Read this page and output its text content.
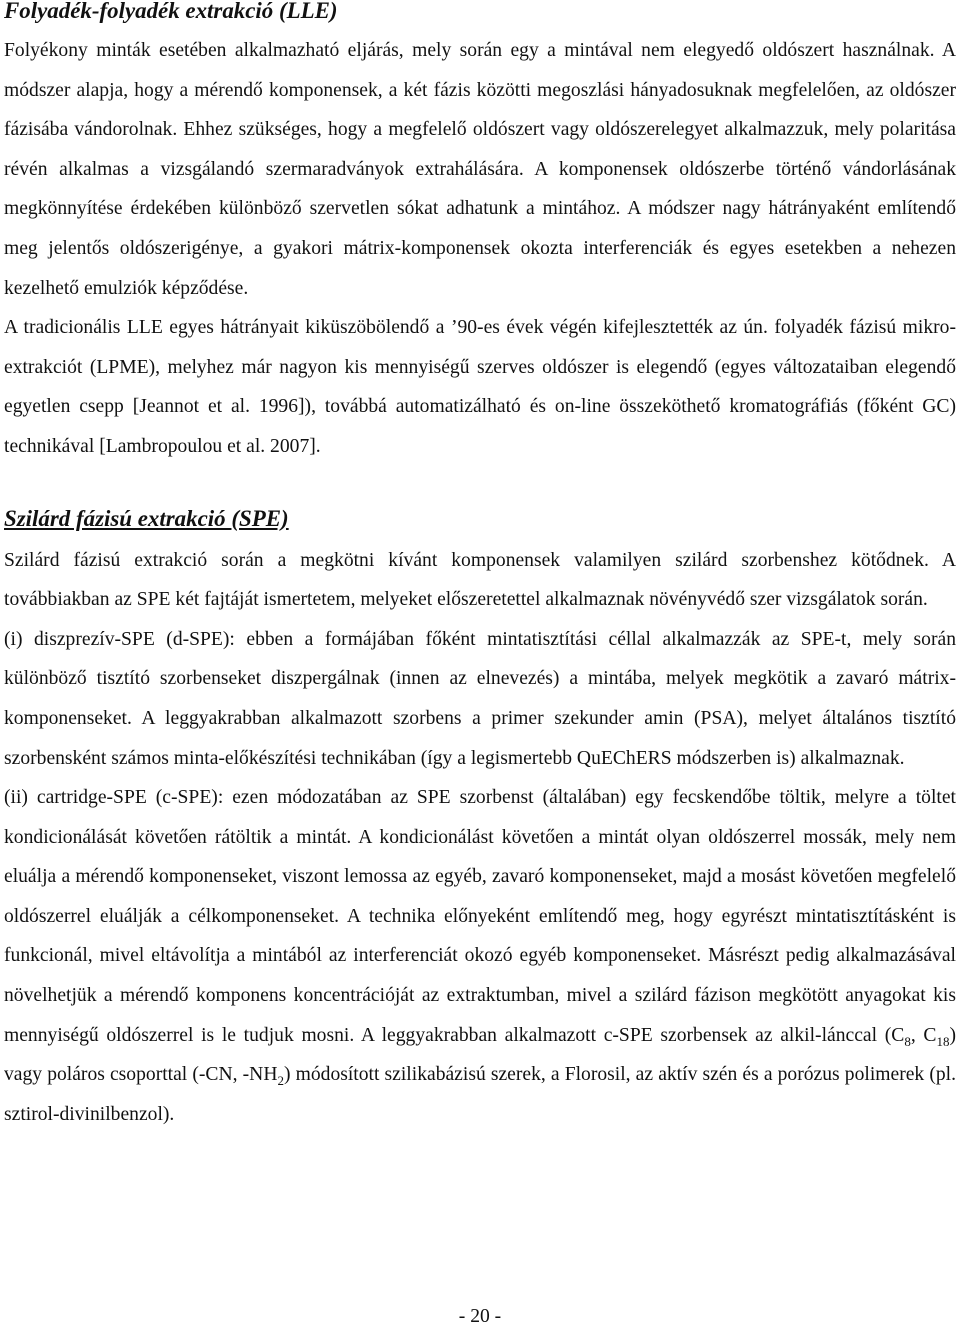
Folyadék-folyadék extrakció (LLE)

Folyékony minták esetében alkalmazható eljárás, mely során egy a mintával nem elegyedő oldószert használnak. A módszer alapja, hogy a mérendő komponensek, a két fázis közötti megoszlási hányadosuknak megfelelően, az oldószer fázisába vándorolnak. Ehhez szükséges, hogy a megfelelő oldószert vagy oldószerelegyet alkalmazzuk, mely polaritása révén alkalmas a vizsgálandó szermaradványok extrahálására. A komponensek oldószerbe történő vándorlásának megkönnyítése érdekében különböző szervetlen sókat adhatunk a mintához. A módszer nagy hátrányaként említendő meg jelentős oldószerigénye, a gyakori mátrix-komponensek okozta interferenciák és egyes esetekben a nehezen kezelhető emulziók képződése.

A tradicionális LLE egyes hátrányait kiküszöbölendő a ’90-es évek végén kifejlesztették az ún. folyadék fázisú mikro-extrakciót (LPME), melyhez már nagyon kis mennyiségű szerves oldószer is elegendő (egyes változataiban elegendő egyetlen csepp [Jeannot et al. 1996]), továbbá automatizálható és on-line összeköthető kromatográfiás (főként GC) technikával [Lambropoulou et al. 2007].

Szilárd fázisú extrakció (SPE)

Szilárd fázisú extrakció során a megkötni kívánt komponensek valamilyen szilárd szorbenshez kötődnek. A továbbiakban az SPE két fajtáját ismertetem, melyeket előszeretettel alkalmaznak növényvédő szer vizsgálatok során.

(i) diszprezív-SPE (d-SPE): ebben a formájában főként mintatisztítási céllal alkalmazzák az SPE-t, mely során különböző tisztító szorbenseket diszpergálnak (innen az elnevezés) a mintába, melyek megkötik a zavaró mátrix-komponenseket. A leggyakrabban alkalmazott szorbens a primer szekunder amin (PSA), melyet általános tisztító szorbensként számos minta-előkészítési technikában (így a legismertebb QuEChERS módszerben is) alkalmaznak.

(ii) cartridge-SPE (c-SPE): ezen módozatában az SPE szorbenst (általában) egy fecskendőbe töltik, melyre a töltet kondicionálását követően rátöltik a mintát. A kondicionálást követően a mintát olyan oldószerrel mossák, mely nem eluálja a mérendő komponenseket, viszont lemossa az egyéb, zavaró komponenseket, majd a mosást követően megfelelő oldószerrel eluálják a célkomponenseket. A technika előnyeként említendő meg, hogy egyrészt mintatisztításként is funkcionál, mivel eltávolítja a mintából az interferenciát okozó egyéb komponenseket. Másrészt pedig alkalmazásával növelhetjük a mérendő komponens koncentrációját az extraktumban, mivel a szilárd fázison megkötött anyagokat kis mennyiségű oldószerrel is le tudjuk mosni. A leggyakrabban alkalmazott c-SPE szorbensek az alkil-lánccal ($C_8$, $C_{18}$) vagy poláros csoporttal (-CN, $-NH_2$) módosított szilikabázisú szerek, a Florosil, az aktív szén és a porózus polimerek (pl. sztirol-divinilbenzol).

- 20 -
